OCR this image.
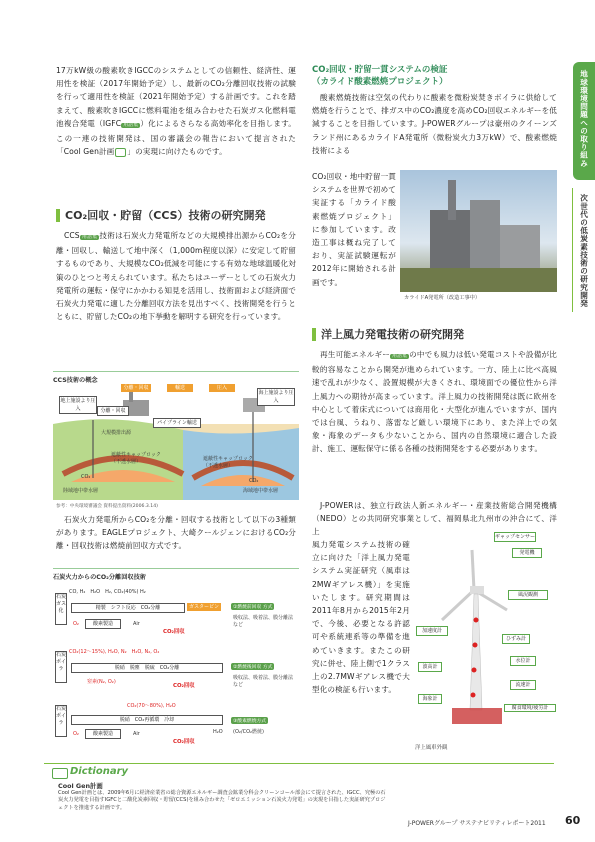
地球環境問題への取り組み
次世代の低炭素技術の研究開発
17万kW級の酸素吹きIGCCのシステムとしての信頼性、経済性、運用性を検証（2017年開始予定）し、最新のCO₂分離回収技術の試験を行って適用性を検証（2021年開始予定）する計画です。これを踏まえて、酸素吹きIGCCに燃料電池を組み合わせた石炭ガス化燃料電池複合発電（IGFC 用語集 ）化によるさらなる高効率化を目指します。この一連の技術開発は、国の審議会の報告において提言された「Cool Gen計画 」の実現に向けたものです。
CO₂回収・貯留（CCS）技術の研究開発
CCS 用語集 技術は石炭火力発電所などの大規模排出源からCO₂を分離・回収し、輸送して地中深く（1,000m程度以深）に安定して貯留するものであり、大規模なCO₂低減を可能にする有効な地球温暖化対策のひとつと考えられています。私たちはユーザーとしての石炭火力発電所の運転・保守にかかわる知見を活用し、技術面および経済面で石炭火力発電に適した分離回収方法を見出すべく、技術開発を行うとともに、貯留したCO₂の地下挙動を解明する研究を行っています。
CCS技術の概念
分離・回収	輸送	圧入
地上施設より圧入
海上施設より圧入
分離・回収
パイプライン輸送
大規模排出源
遮蔽性キャップロック（不透水層）	遮蔽性キャップロック（不透水層）
陸域地中帯水層	海域地中帯水層
CO₂
CO₂
参考：中央環境審議会 資料提出資料(2006.3.14)
石炭火力発電所からCO₂を分離・回収する技術として以下の3種類があります。EAGLEプロジェクト、大崎クールジェンにおけるCO₂分離・回収技術は燃焼前回収方式です。
石炭火力からのCO₂分離回収技術
石炭ガス化
CO, H₂　H₂O　H₂, CO₂(40%) H₂
精製　シフト反応　CO₂分離	ガスタービン
酸素製造
O₂	Air
CO₂回収
①燃焼前回収 方式
吸収法、吸着法、膜分離法など
石炭ボイラ
CO₂(12～15%), H₂O, N₂　H₂O, N₂, O₂
脱硝　脱塵　脱硫　CO₂分離
窒素(N₂, O₂)
CO₂回収
②燃焼後回収 方式
吸収法、吸着法、膜分離法など
石炭ボイラ
CO₂(70～80%), H₂O
脱硝　CO₂再循環　冷却
酸素製造
O₂	Air	H₂O
CO₂回収
③酸素燃焼方式
(O₂/CO₂燃焼)
CO₂回収・貯留一貫システムの検証
（カライド酸素燃焼プロジェクト）
酸素燃焼技術は空気の代わりに酸素を微粉炭焚きボイラに供給して燃焼を行うことで、排ガス中のCO₂濃度を高めCO₂回収エネルギーを低減することを目指しています。J-POWERグループは豪州のクイーンズランド州にあるカライドA発電所（微粉炭火力3万kW）で、酸素燃焼技術による
CO₂回収・地中貯留一貫システムを世界で初めて実証する「カライド酸素燃焼プロジェクト」に参加しています。改造工事は概ね完了しており、実証試験運転が2012年に開始される計画です。
カライドA発電所（改造工事中）
洋上風力発電技術の研究開発
再生可能エネルギー 用語集 の中でも風力は低い発電コストや設備が比較的容易なことから開発が進められています。一方、陸上に比べ高風速で乱れが少なく、設置規模が大きくされ、環境面での優位性から洋上風力への期待が高まっています。洋上風力の技術開発は既に欧州を中心として着床式については商用化・大型化が進んでいますが、国内では台風、うねり、落雷など厳しい環境下にあり、また洋上での気象・海象のデータも少ないことから、国内の自然環境に適合した設計、施工、運転保守に係る各種の技術開発をする必要があります。
J-POWERは、独立行政法人新エネルギー・産業技術総合開発機構（NEDO）との共同研究事業として、福岡県北九州市の沖合にて、洋上
風力発電システム技術の確立に向けた「洋上風力発電システム実証研究（風車は2MWギアレス機）」を実施いたします。研究期間は2011年8月から2015年2月で、今後、必要となる許認可や系統連系等の準備を進めていきます。またこの研究に併せ、陸上側で1クラス上の2.7MWギアレス機で大型化の検証も行います。
ギャップセンサー
発電機
風況観測
ひずみ計
加速度計
波高計
流速計
海象計
水位計
腐食環境/疲労計
洋上風車外観
Dictionary
Cool Gen計画
Cool Gen計画とは、2009年6月に経済産業省の総合資源エネルギー調査会鉱業分科会クリーンコール部会にて提言された、IGCC、究極の石炭火力発電を目指すIGFCと二酸化炭素回収・貯留(CCS)を組み合わせた「ゼロエミッション石炭火力発電」の実現を目指した実証研究プロジェクトを推進する計画です。
J-POWERグループ サステナビリティレポート2011 60
